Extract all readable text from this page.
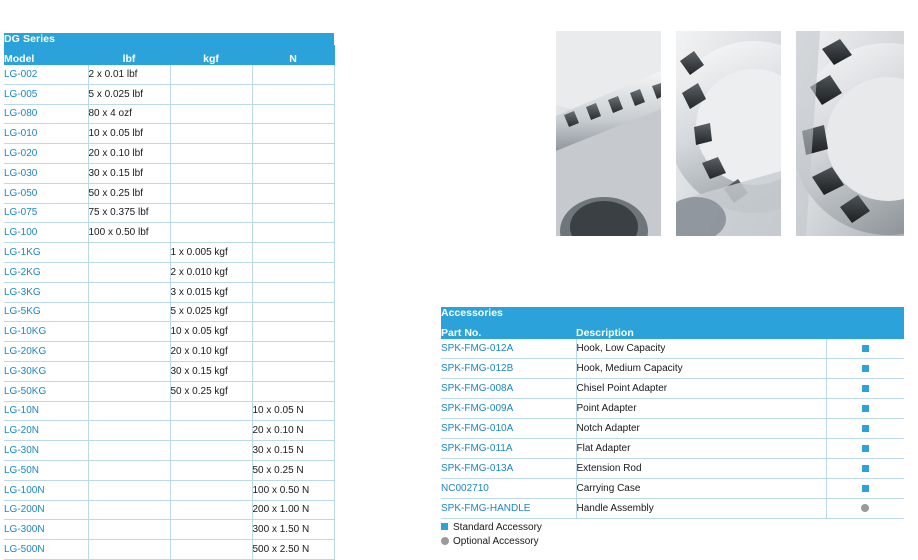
DG Series			
Model	lbf	kgf	N
LG-002	2 x 0.01 lbf		
LG-005	5 x 0.025 lbf		
LG-080	80 x 4 ozf		
LG-010	10 x 0.05 lbf		
LG-020	20 x 0.10 lbf		
LG-030	30 x 0.15 lbf		
LG-050	50 x 0.25 lbf		
LG-075	75 x 0.375 lbf		
LG-100	100 x 0.50 lbf		
LG-1KG		1 x 0.005 kgf	
LG-2KG		2 x 0.010 kgf	
LG-3KG		3 x 0.015 kgf	
LG-5KG		5 x 0.025 kgf	
LG-10KG		10 x 0.05 kgf	
LG-20KG		20 x 0.10 kgf	
LG-30KG		30 x 0.15 kgf	
LG-50KG		50 x 0.25 kgf	
LG-10N			10 x 0.05 N
LG-20N			20 x 0.10 N
LG-30N			30 x 0.15 N
LG-50N			50 x 0.25 N
LG-100N			100 x 0.50 N
LG-200N			200 x 1.00 N
LG-300N			300 x 1.50 N
LG-500N			500 x 2.50 N
Accessories		
Part No.	Description	
SPK-FMG-012A	Hook, Low Capacity	
SPK-FMG-012B	Hook, Medium Capacity	
SPK-FMG-008A	Chisel Point Adapter	
SPK-FMG-009A	Point Adapter	
SPK-FMG-010A	Notch Adapter	
SPK-FMG-011A	Flat Adapter	
SPK-FMG-013A	Extension Rod	
NC002710	Carrying Case	
SPK-FMG-HANDLE	Handle Assembly	
Standard Accessory
Optional Accessory
